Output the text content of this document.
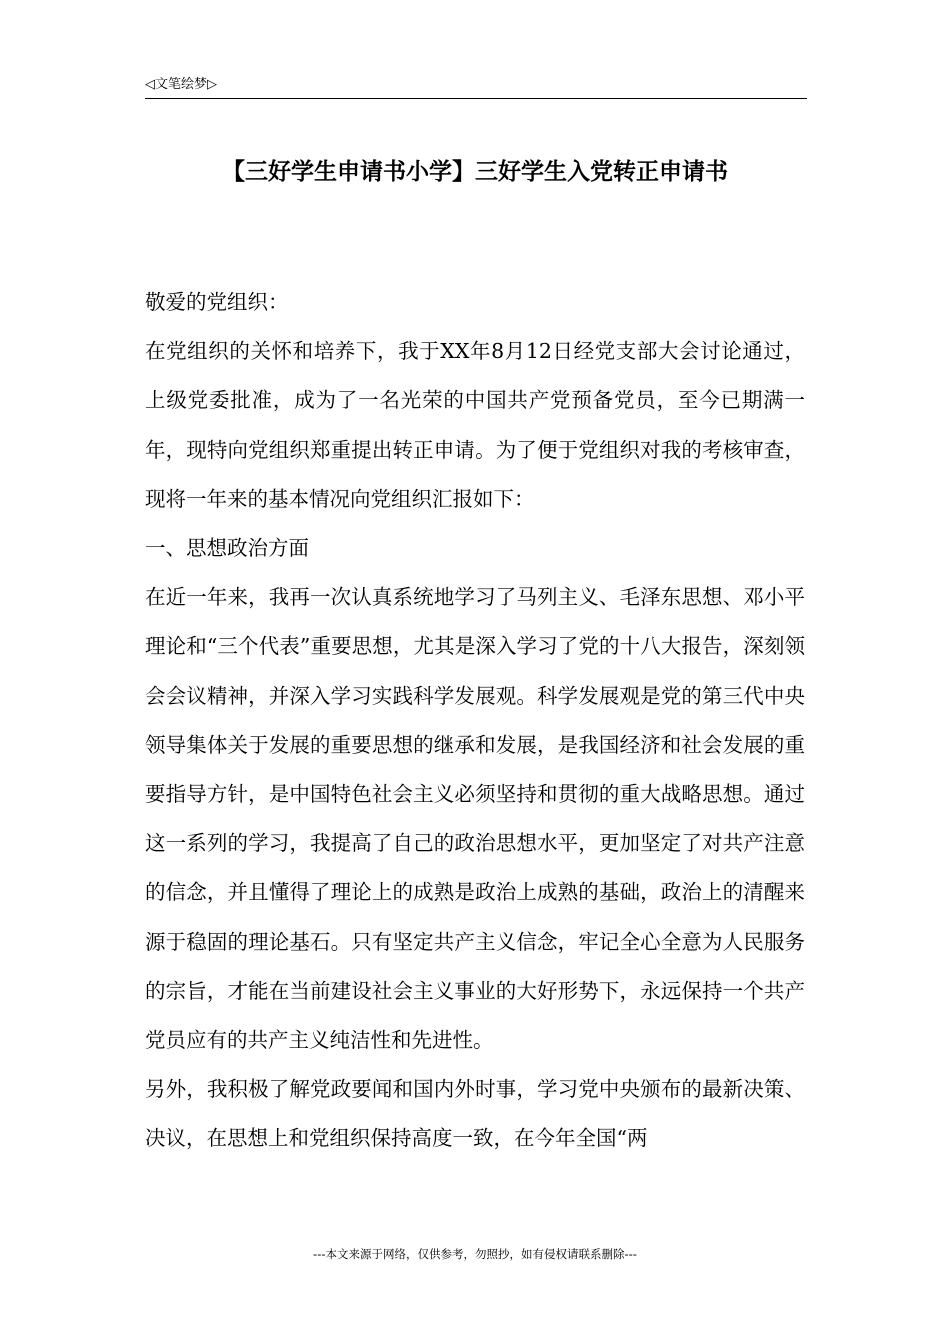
◁文笔绘梦▷
【三好学生申请书小学】三好学生入党转正申请书

敬爱的党组织：

在党组织的关怀和培养下，我于XX年8月12日经党支部大会讨论通过，上级党委批准，成为了一名光荣的中国共产党预备党员，至今已期满一年，现特向党组织郑重提出转正申请。为了便于党组织对我的考核审查，现将一年来的基本情况向党组织汇报如下：

一、思想政治方面

在近一年来，我再一次认真系统地学习了马列主义、毛泽东思想、邓小平理论和“三个代表”重要思想，尤其是深入学习了党的十八大报告，深刻领会会议精神，并深入学习实践科学发展观。科学发展观是党的第三代中央领导集体关于发展的重要思想的继承和发展，是我国经济和社会发展的重要指导方针，是中国特色社会主义必须坚持和贯彻的重大战略思想。通过这一系列的学习，我提高了自己的政治思想水平，更加坚定了对共产注意的信念，并且懂得了理论上的成熟是政治上成熟的基础，政治上的清醒来源于稳固的理论基石。只有坚定共产主义信念，牢记全心全意为人民服务的宗旨，才能在当前建设社会主义事业的大好形势下，永远保持一个共产党员应有的共产主义纯洁性和先进性。

另外，我积极了解党政要闻和国内外时事，学习党中央颁布的最新决策、决议，在思想上和党组织保持高度一致，在今年全国“两

---本文来源于网络，仅供参考，勿照抄，如有侵权请联系删除---
